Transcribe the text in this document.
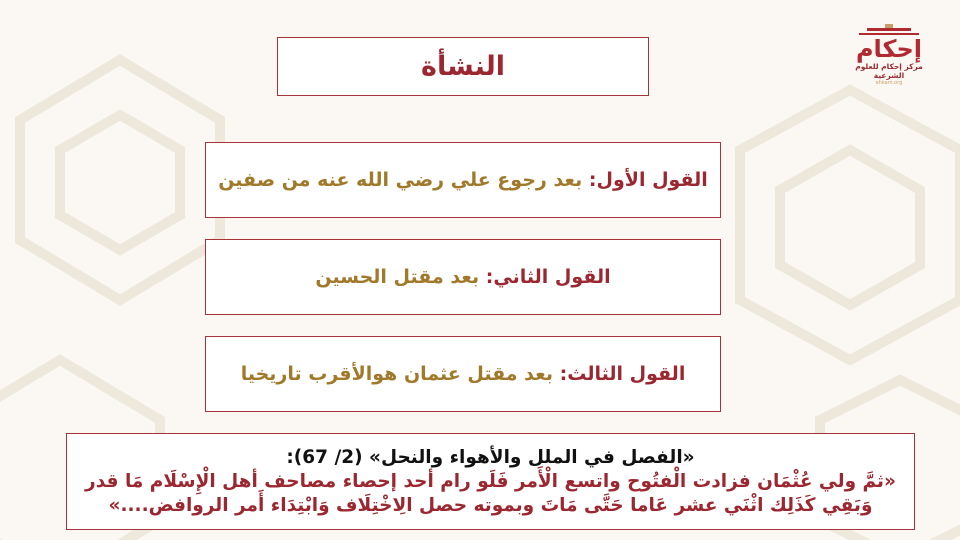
النشأة
القول الأول: بعد رجوع علي رضي الله عنه من صفين
القول الثاني: بعد مقتل الحسين
القول الثالث: بعد مقتل عثمان هوالأقرب تاريخيا
«الفصل في الملل والأهواء والنحل» (2/ 67):
«ثمَّ ولي عُثْمَان فزادت الْفتُوح واتسع الْأَمر فَلَو رام أحد إحصاء مصاحف أهل الْإِسْلَام مَا قدر
وَبَقِي كَذَلِك اثْنَي عشر عَاما حَتَّى مَاتَ وبموته حصل الِاخْتِلَاف وَابْتِدَاء أَمر الروافض....»
إحكام
مركز إحكام للعلوم الشرعية
ehkam.org
